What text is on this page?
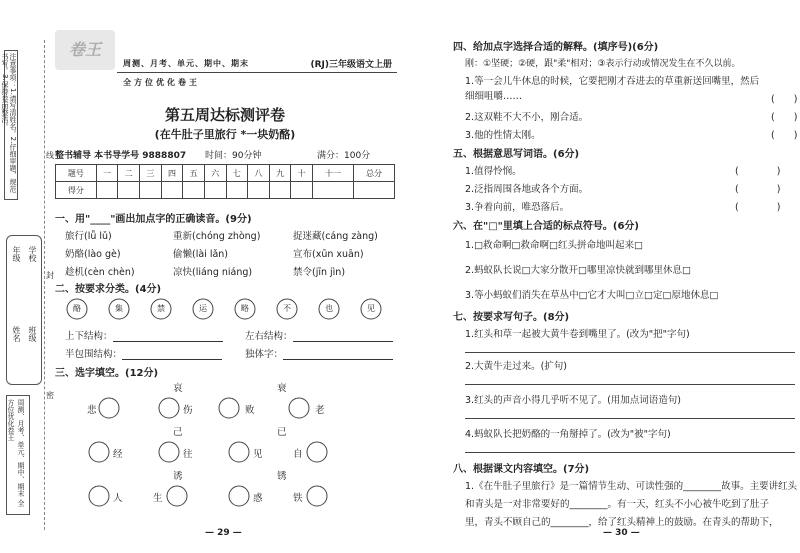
注意事项：1.请写清姓名。2.仔细审题，规范书写。3.保持卷面整洁。
年级
姓名
学校
班级
周测、月考、单元、期中、期末 全方位优化卷王
线
封
密
卷王
周测、月考、单元、期中、期末
全方位优化卷王
(RJ)三年级语文上册
第五周达标测评卷
(在牛肚子里旅行 *一块奶酪)
整书辅导 本书导学号 9888807 时间：90分钟	满分：100分
题号	一	二	三	四	五	六	七	八	九	十	十一	总分
得分												
一、用"____"画出加点字的正确读音。(9分)
旅行(lǚ lǔ)	重新(chóng zhòng)	捉迷藏(cáng zàng)
奶酪(lào gè)	偷懒(lài lǎn)	宣布(xūn xuān)
趁机(cèn chèn)	凉快(liáng niáng)	禁令(jīn jìn)
二、按要求分类。(4分)
酪	集	禁	运	略	不	也	见
上下结构：	左右结构：
半包围结构：	独体字：
三、选字填空。(12分)
哀	衰
悲	伤	败	老
己	已
经	往	见	自
诱	锈
人	生	惑	铁
— 29 —
四、给加点字选择合适的解释。(填序号)(6分)
刚：①坚硬；②硬，跟"柔"相对；③表示行动或情况发生在不久以前。
1.等一会儿牛休息的时候，它要把刚才吞进去的草重新送回嘴里，然后细细咀嚼……	(　　)
2.这双鞋不大不小，刚合适。	(　　)
3.他的性情太刚。	(　　)
五、根据意思写词语。(6分)
1.值得怜悯。	(　　　　)
2.泛指周围各地或各个方面。	(　　　　)
3.争着向前，唯恐落后。	(　　　　)
六、在"□"里填上合适的标点符号。(6分)
1.□救命啊□救命啊□红头拼命地叫起来□
2.蚂蚁队长说□大家分散开□哪里凉快就到哪里休息□
3.等小蚂蚁们消失在草丛中□它才大叫□立□定□原地休息□
七、按要求写句子。(8分)
1.红头和草一起被大黄牛卷到嘴里了。(改为"把"字句)
2.大黄牛走过来。(扩句)
3.红头的声音小得几乎听不见了。(用加点词语造句)
4.蚂蚁队长把奶酪的一角掰掉了。(改为"被"字句)
八、根据课文内容填空。(7分)
1.《在牛肚子里旅行》是一篇情节生动、可读性强的________故事。主要讲红头
和青头是一对非常要好的________。有一天，红头不小心被牛吃到了肚子
里，青头不顾自己的________，给了红头精神上的鼓励。在青头的帮助下，
— 30 —
